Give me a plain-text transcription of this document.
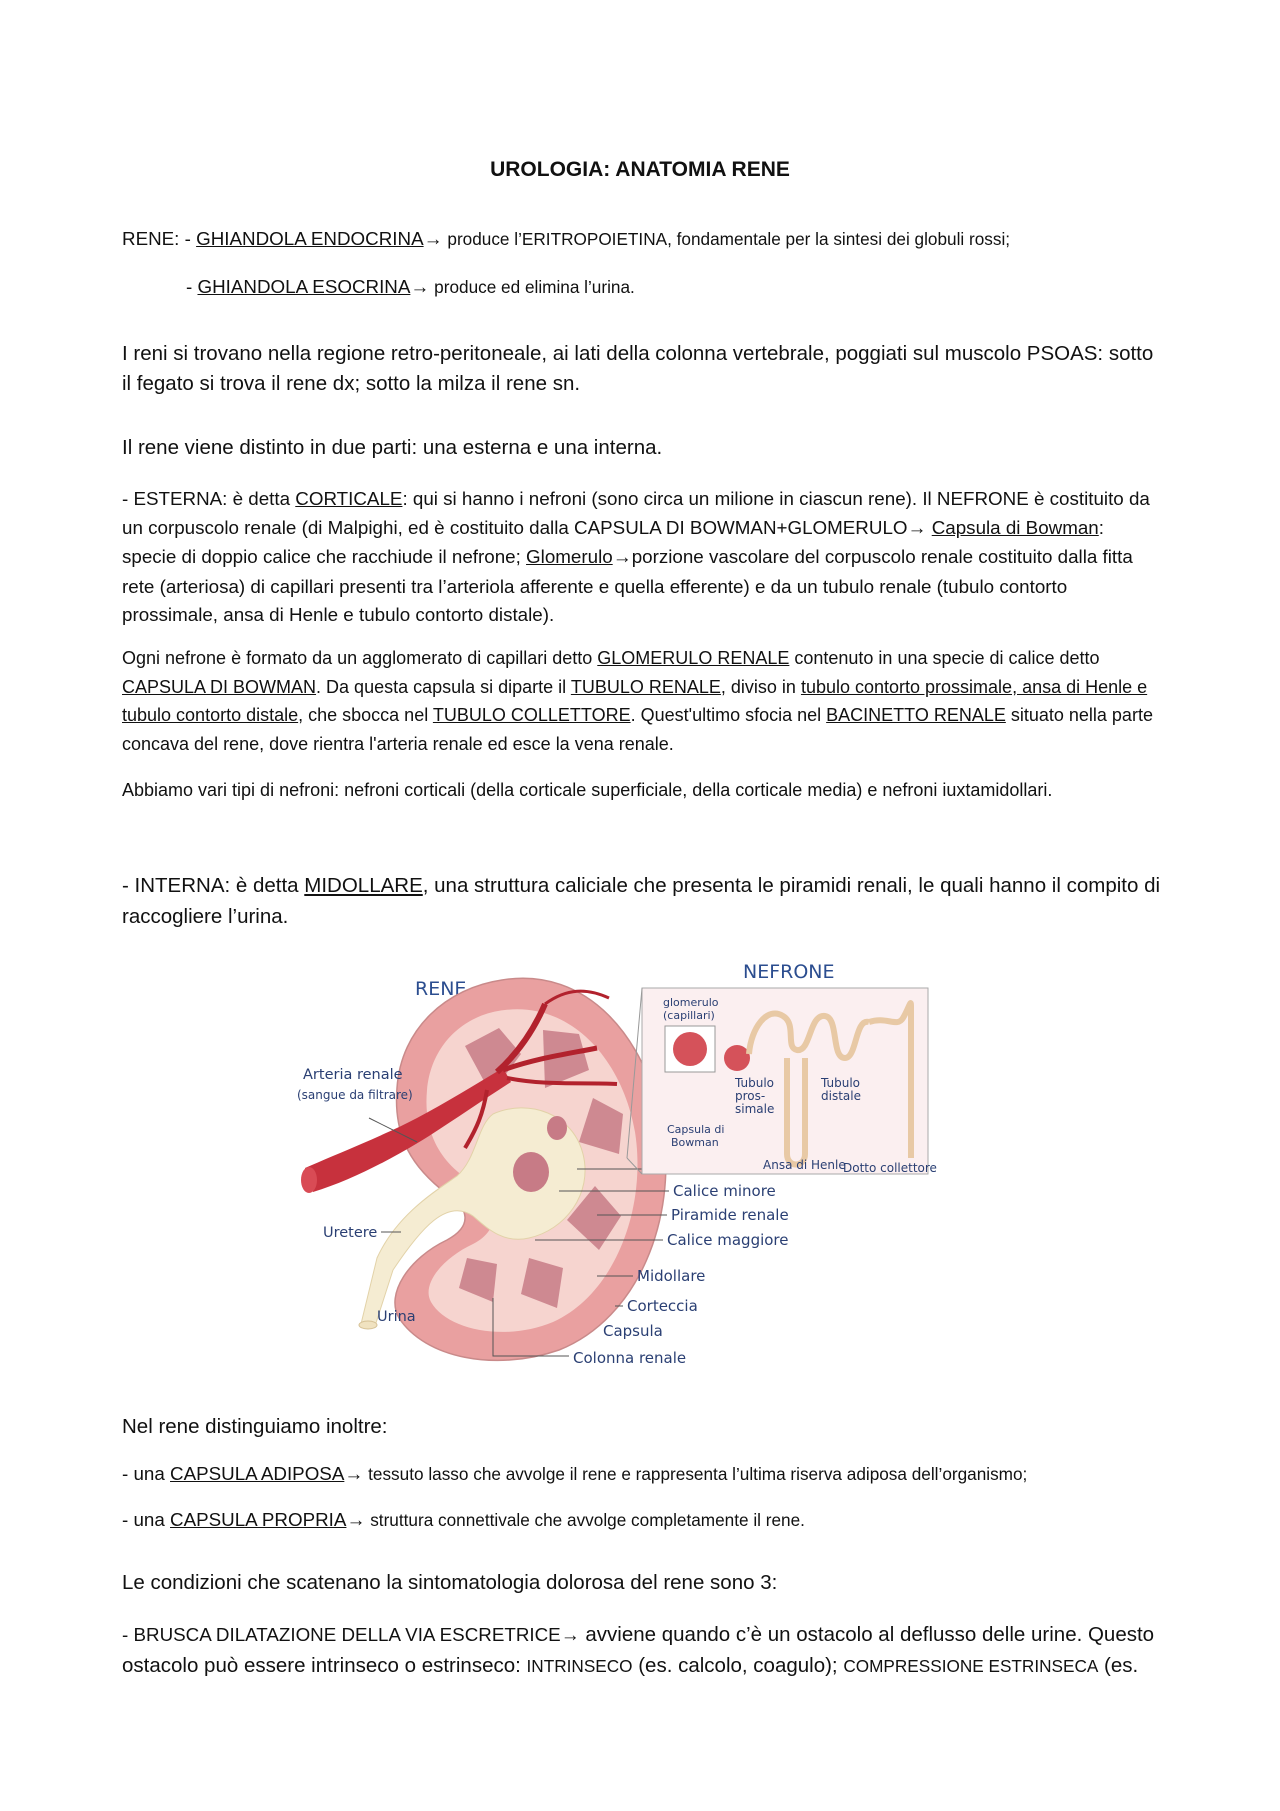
UROLOGIA: ANATOMIA RENE
RENE: - GHIANDOLA ENDOCRINA→ produce l’ERITROPOIETINA, fondamentale per la sintesi dei globuli rossi;
- GHIANDOLA ESOCRINA→ produce ed elimina l’urina.
I reni si trovano nella regione retro-peritoneale, ai lati della colonna vertebrale, poggiati sul muscolo PSOAS: sotto il fegato si trova il rene dx; sotto la milza il rene sn.
Il rene viene distinto in due parti: una esterna e una interna.
- ESTERNA: è detta CORTICALE: qui si hanno i nefroni (sono circa un milione in ciascun rene). Il NEFRONE è costituito da un corpuscolo renale (di Malpighi, ed è costituito dalla CAPSULA DI BOWMAN+GLOMERULO→ Capsula di Bowman: specie di doppio calice che racchiude il nefrone; Glomerulo→porzione vascolare del corpuscolo renale costituito dalla fitta rete (arteriosa) di capillari presenti tra l’arteriola afferente e quella efferente) e da un tubulo renale (tubulo contorto prossimale, ansa di Henle e tubulo contorto distale).
Ogni nefrone è formato da un agglomerato di capillari detto GLOMERULO RENALE contenuto in una specie di calice detto CAPSULA DI BOWMAN. Da questa capsula si diparte il TUBULO RENALE, diviso in tubulo contorto prossimale, ansa di Henle e tubulo contorto distale, che sbocca nel TUBULO COLLETTORE. Quest'ultimo sfocia nel BACINETTO RENALE situato nella parte concava del rene, dove rientra l'arteria renale ed esce la vena renale.
Abbiamo vari tipi di nefroni: nefroni corticali (della corticale superficiale, della corticale media) e nefroni iuxtamidollari.
- INTERNA: è detta MIDOLLARE, una struttura caliciale che presenta le piramidi renali, le quali hanno il compito di raccogliere l’urina.
RENE
NEFRONE
Arteria renale
(sangue da filtrare)
Uretere
Urina
Calice minore
Piramide renale
Calice maggiore
Midollare
Corteccia
Capsula
Colonna renale
glomerulo
(capillari)
Tubulo
pros-
simale
Tubulo
distale
Capsula di
Bowman
Ansa di Henle
Dotto collettore
Nel rene distinguiamo inoltre:
- una CAPSULA ADIPOSA→ tessuto lasso che avvolge il rene e rappresenta l’ultima riserva adiposa dell’organismo;
- una CAPSULA PROPRIA→ struttura connettivale che avvolge completamente il rene.
Le condizioni che scatenano la sintomatologia dolorosa del rene sono 3:
- BRUSCA DILATAZIONE DELLA VIA ESCRETRICE→ avviene quando c’è un ostacolo al deflusso delle urine. Questo ostacolo può essere intrinseco o estrinseco: INTRINSECO (es. calcolo, coagulo); COMPRESSIONE ESTRINSECA (es.
